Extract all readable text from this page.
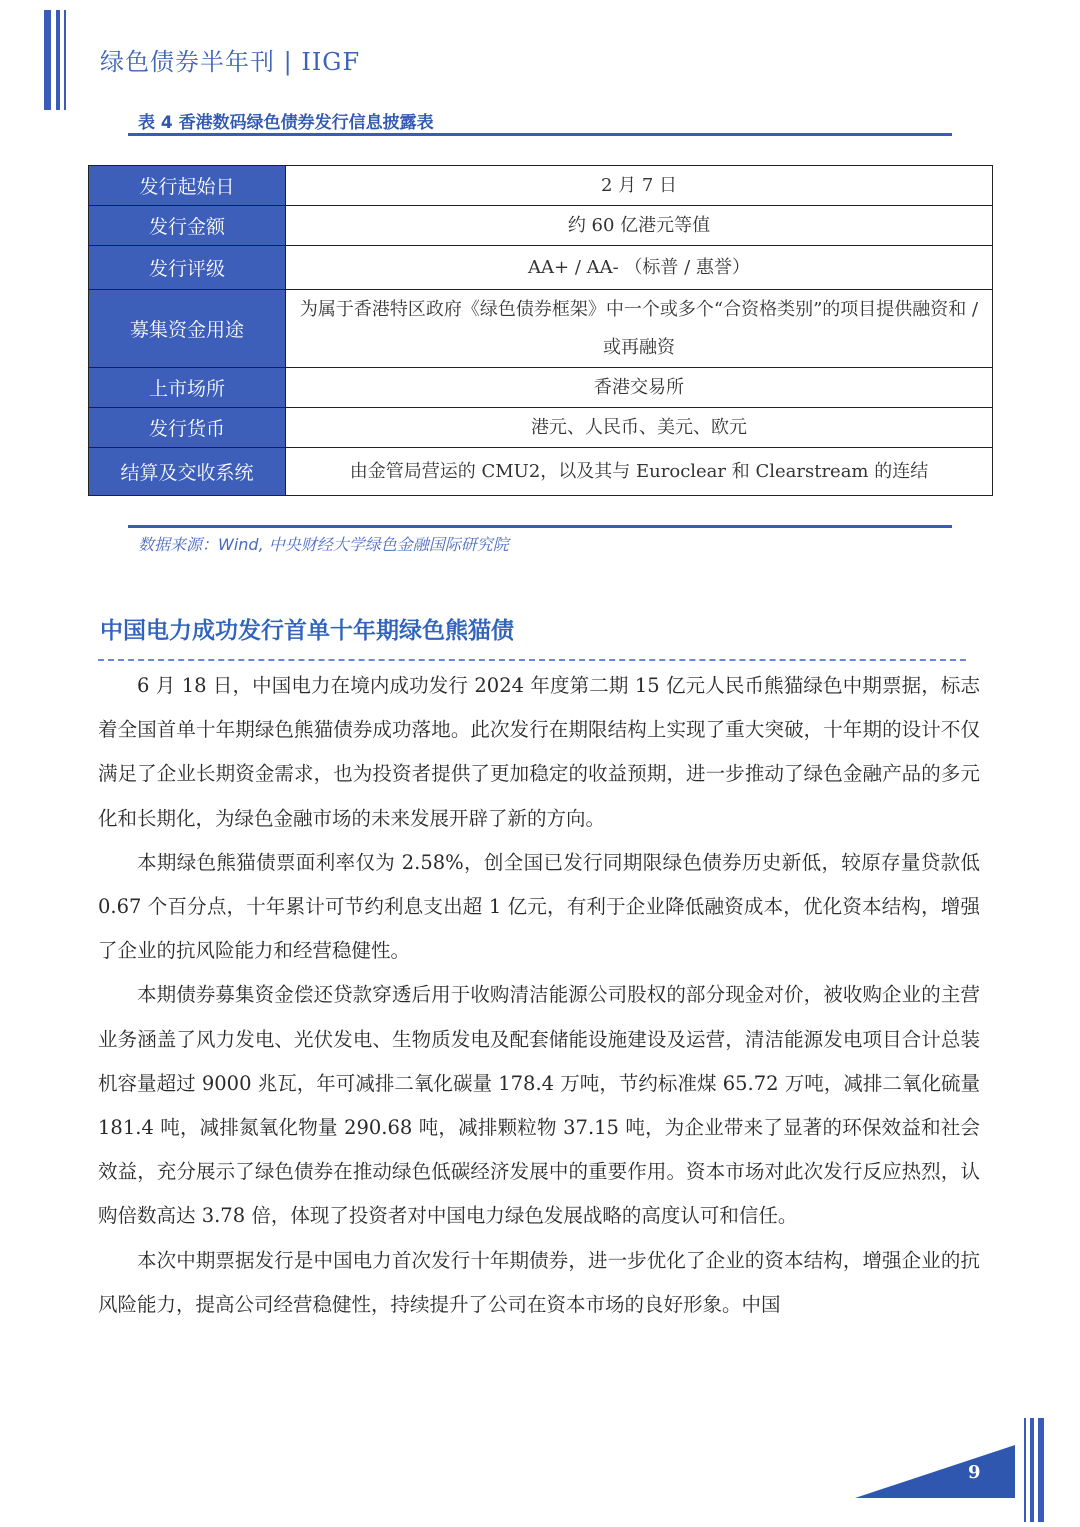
绿色债券半年刊 | IIGF
表 4 香港数码绿色债券发行信息披露表
发行起始日	2 月 7 日
发行金额	约 60 亿港元等值
发行评级	AA+ / AA- （标普 / 惠誉）
募集资金用途	为属于香港特区政府《绿色债券框架》中一个或多个“合资格类别”的项目提供融资和 / 或再融资
上市场所	香港交易所
发行货币	港元、人民币、美元、欧元
结算及交收系统	由金管局营运的 CMU2，以及其与 Euroclear 和 Clearstream 的连结
数据来源：Wind, 中央财经大学绿色金融国际研究院
中国电力成功发行首单十年期绿色熊猫债

6 月 18 日，中国电力在境内成功发行 2024 年度第二期 15 亿元人民币熊猫绿色中期票据，标志着全国首单十年期绿色熊猫债券成功落地。此次发行在期限结构上实现了重大突破，十年期的设计不仅满足了企业长期资金需求，也为投资者提供了更加稳定的收益预期，进一步推动了绿色金融产品的多元化和长期化，为绿色金融市场的未来发展开辟了新的方向。

本期绿色熊猫债票面利率仅为 2.58%，创全国已发行同期限绿色债券历史新低，较原存量贷款低 0.67 个百分点，十年累计可节约利息支出超 1 亿元，有利于企业降低融资成本，优化资本结构，增强了企业的抗风险能力和经营稳健性。

本期债券募集资金偿还贷款穿透后用于收购清洁能源公司股权的部分现金对价，被收购企业的主营业务涵盖了风力发电、光伏发电、生物质发电及配套储能设施建设及运营，清洁能源发电项目合计总装机容量超过 9000 兆瓦，年可减排二氧化碳量 178.4 万吨，节约标准煤 65.72 万吨，减排二氧化硫量 181.4 吨，减排氮氧化物量 290.68 吨，减排颗粒物 37.15 吨，为企业带来了显著的环保效益和社会效益，充分展示了绿色债券在推动绿色低碳经济发展中的重要作用。资本市场对此次发行反应热烈，认购倍数高达 3.78 倍，体现了投资者对中国电力绿色发展战略的高度认可和信任。

本次中期票据发行是中国电力首次发行十年期债券，进一步优化了企业的资本结构，增强企业的抗风险能力，提高公司经营稳健性，持续提升了公司在资本市场的良好形象。中国

9
